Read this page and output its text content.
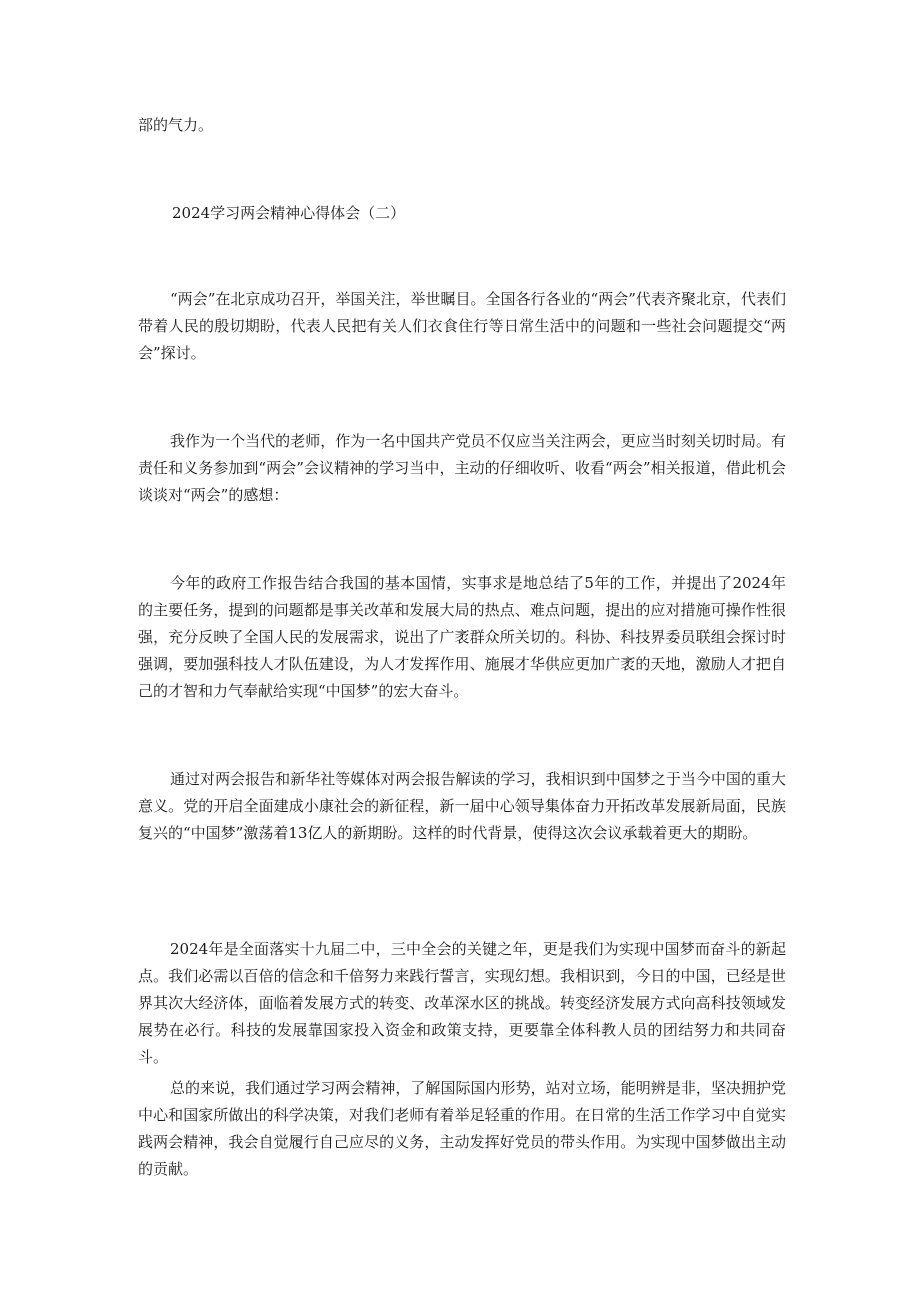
部的气力。

2024学习两会精神心得体会（二）

“两会”在北京成功召开，举国关注，举世瞩目。全国各行各业的“两会”代表齐聚北京，代表们带着人民的殷切期盼，代表人民把有关人们衣食住行等日常生活中的问题和一些社会问题提交“两会”探讨。

我作为一个当代的老师，作为一名中国共产党员不仅应当关注两会，更应当时刻关切时局。有责任和义务参加到“两会”会议精神的学习当中，主动的仔细收听、收看“两会”相关报道，借此机会谈谈对“两会”的感想：

今年的政府工作报告结合我国的基本国情，实事求是地总结了5年的工作，并提出了2024年的主要任务，提到的问题都是事关改革和发展大局的热点、难点问题，提出的应对措施可操作性很强，充分反映了全国人民的发展需求，说出了广袤群众所关切的。科协、科技界委员联组会探讨时强调，要加强科技人才队伍建设，为人才发挥作用、施展才华供应更加广袤的天地，激励人才把自己的才智和力气奉献给实现“中国梦”的宏大奋斗。

通过对两会报告和新华社等媒体对两会报告解读的学习，我相识到中国梦之于当今中国的重大意义。党的开启全面建成小康社会的新征程，新一届中心领导集体奋力开拓改革发展新局面，民族复兴的“中国梦”激荡着13亿人的新期盼。这样的时代背景，使得这次会议承载着更大的期盼。

2024年是全面落实十九届二中，三中全会的关键之年，更是我们为实现中国梦而奋斗的新起点。我们必需以百倍的信念和千倍努力来践行誓言，实现幻想。我相识到，今日的中国，已经是世界其次大经济体，面临着发展方式的转变、改革深水区的挑战。转变经济发展方式向高科技领域发展势在必行。科技的发展靠国家投入资金和政策支持，更要靠全体科教人员的团结努力和共同奋斗。

总的来说，我们通过学习两会精神，了解国际国内形势，站对立场，能明辨是非，坚决拥护党中心和国家所做出的科学决策，对我们老师有着举足轻重的作用。在日常的生活工作学习中自觉实践两会精神，我会自觉履行自己应尽的义务，主动发挥好党员的带头作用。为实现中国梦做出主动的贡献。
